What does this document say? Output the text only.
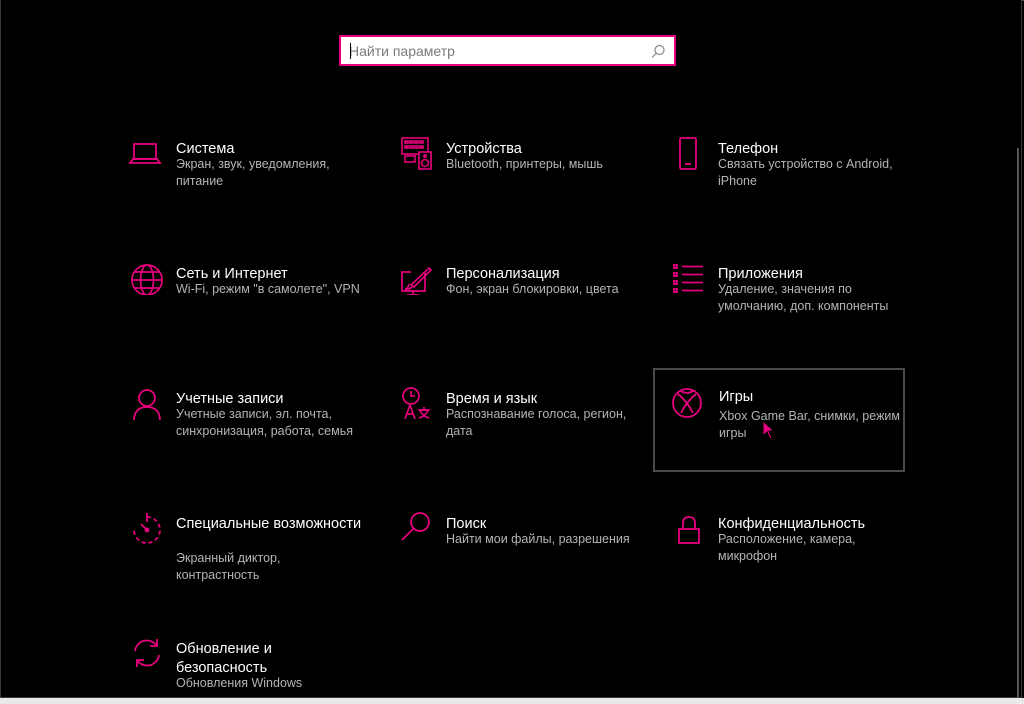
Найти параметр
Система
Экран, звук, уведомления, питание
Устройства
Bluetooth, принтеры, мышь
Телефон
Связать устройство с Android, iPhone
Сеть и Интернет
Wi-Fi, режим "в самолете", VPN
Персонализация
Фон, экран блокировки, цвета
Приложения
Удаление, значения по умолчанию, доп. компоненты
Учетные записи
Учетные записи, эл. почта, синхронизация, работа, семья
Время и язык
Распознавание голоса, регион, дата
Игры
Xbox Game Bar, снимки, режим игры
Специальные возможности
Экранный диктор, контрастность
Поиск
Найти мои файлы, разрешения
Конфиденциальность
Расположение, камера, микрофон
Обновление и безопасность
Обновления Windows
